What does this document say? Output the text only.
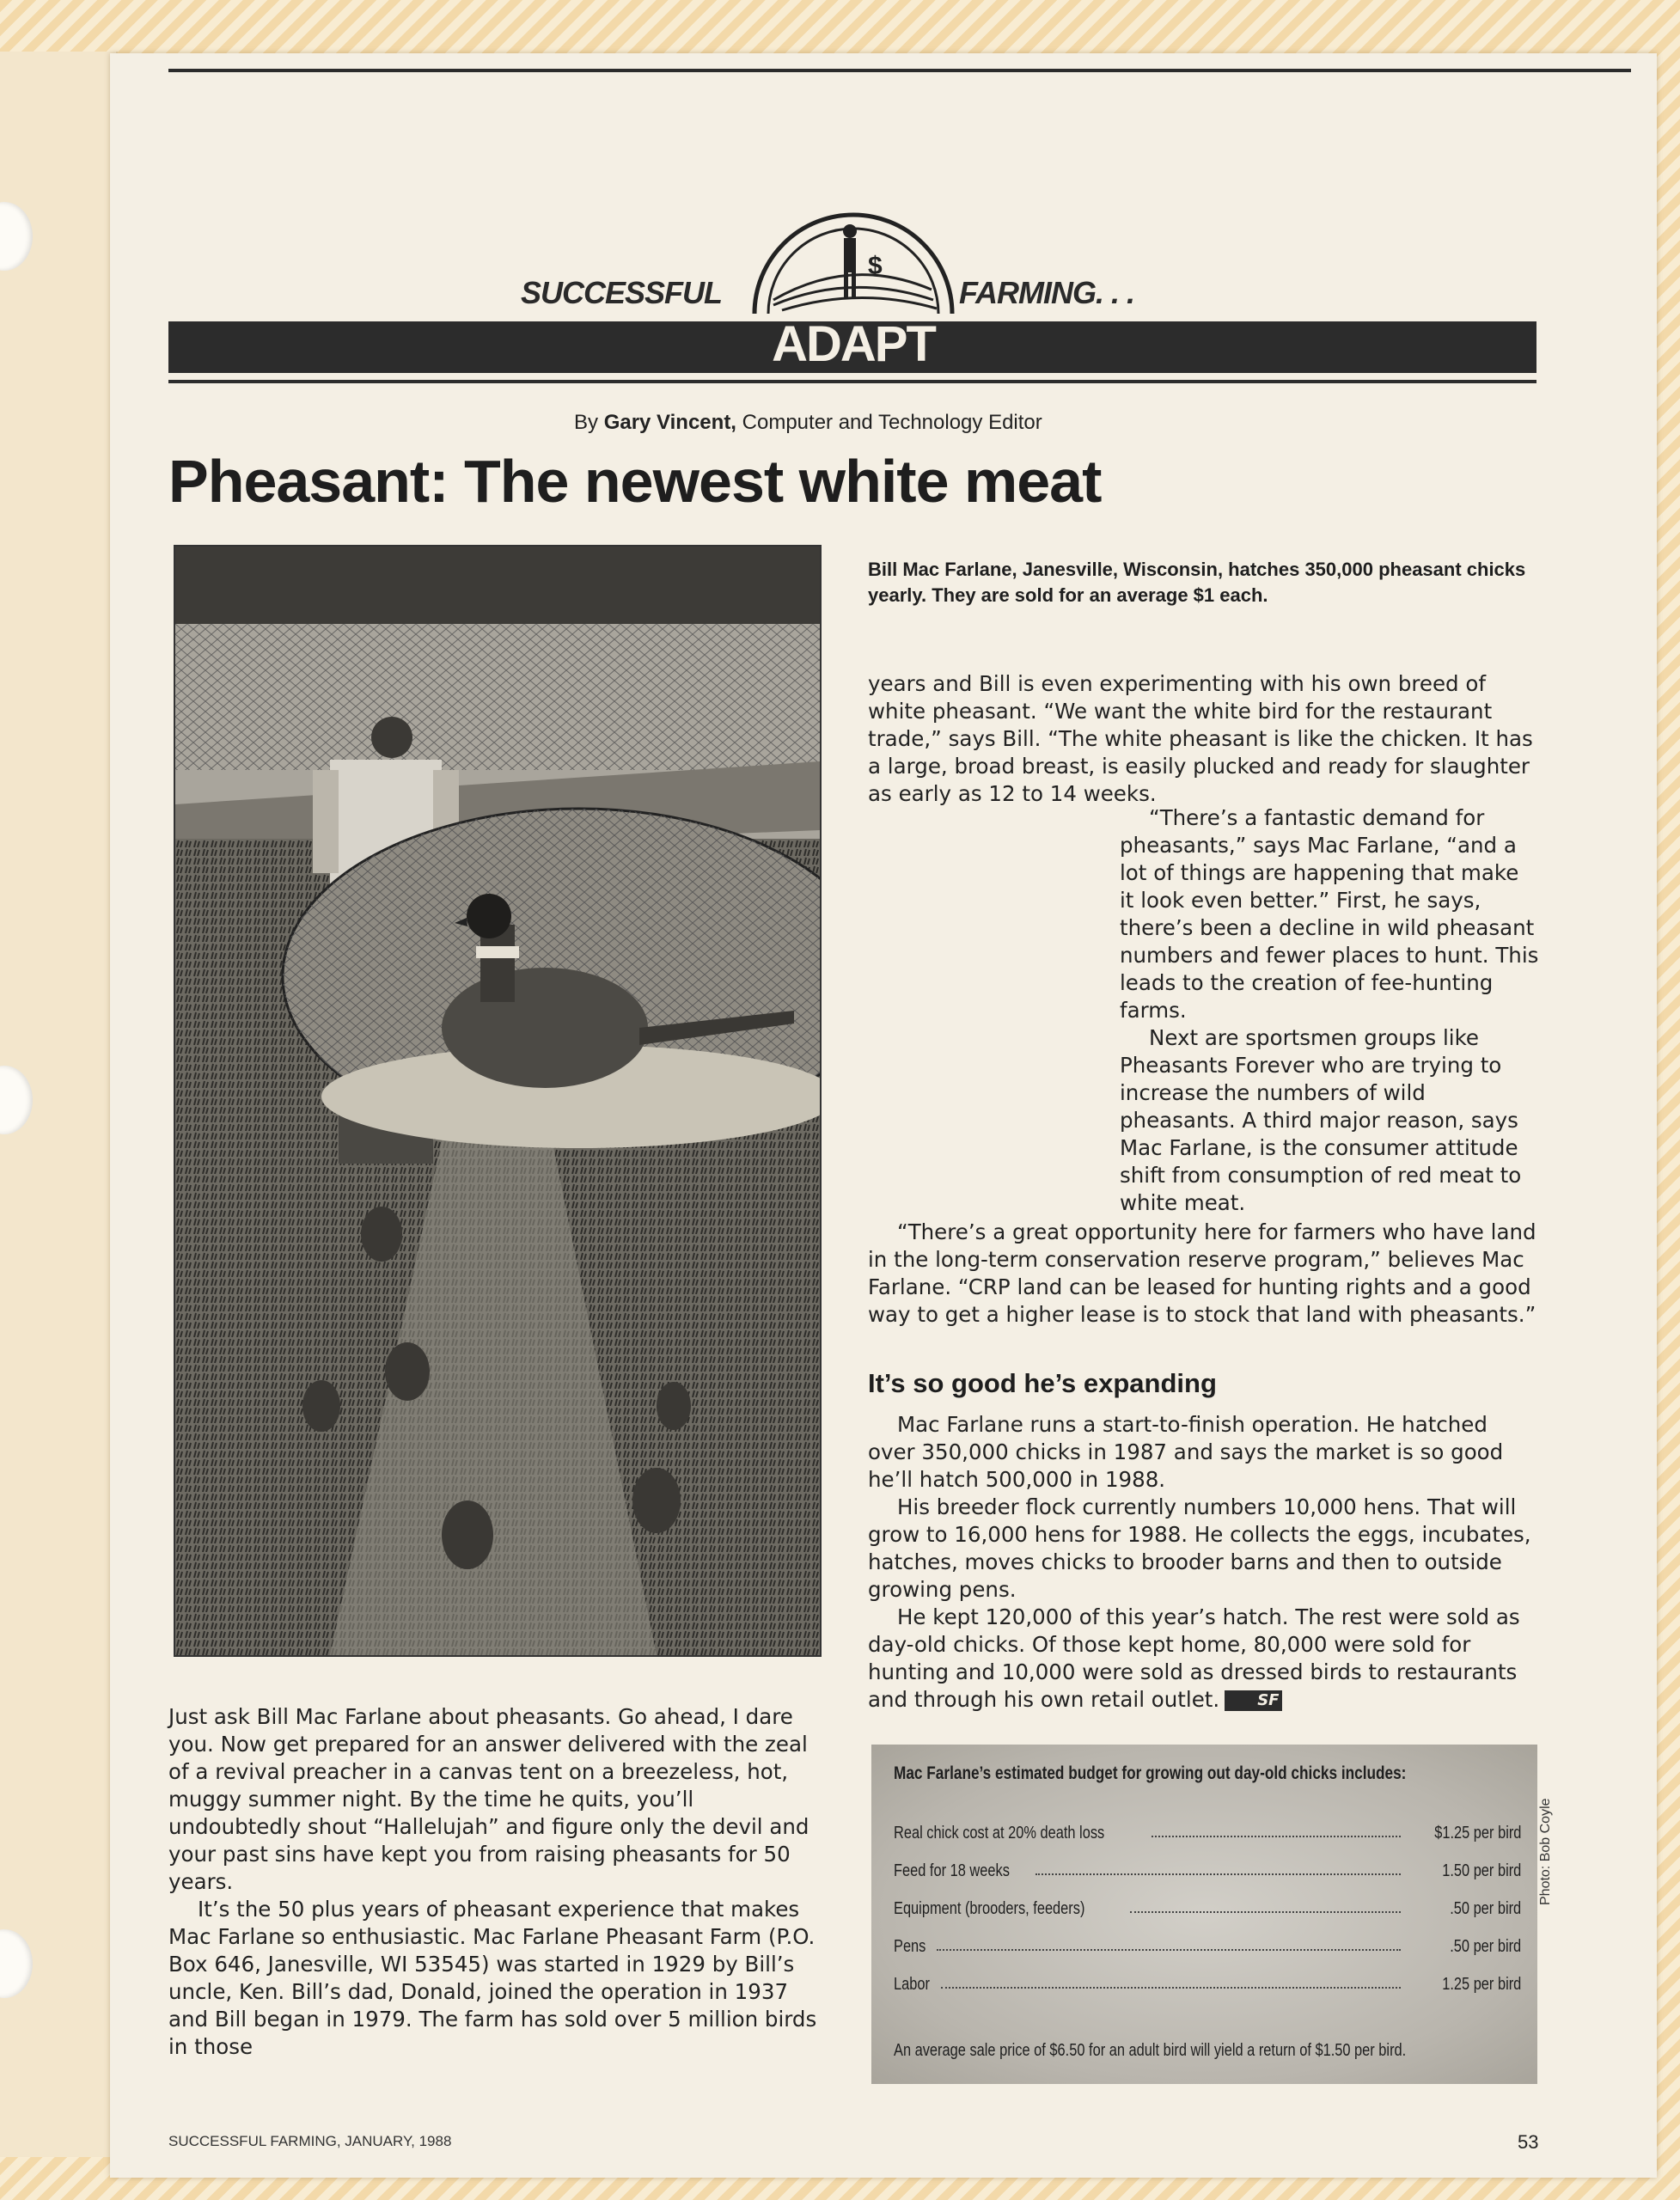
SUCCESSFUL
$
FARMING. . .
ADAPT
By Gary Vincent, Computer and Technology Editor
Pheasant: The newest white meat
Bill Mac Farlane, Janesville, Wisconsin, hatches 350,000 pheasant chicks yearly. They are sold for an average $1 each.

years and Bill is even experimenting with his own breed of white pheasant. “We want the white bird for the restaurant trade,” says Bill. “The white pheasant is like the chicken. It has a large, broad breast, is easily plucked and ready for slaughter as early as 12 to 14 weeks.

“There’s a fantastic demand for pheasants,” says Mac Farlane, “and a lot of things are happening that make it look even better.” First, he says, there’s been a decline in wild pheasant numbers and fewer places to hunt. This leads to the creation of fee-hunting farms.

Next are sportsmen groups like Pheasants Forever who are trying to increase the numbers of wild pheasants. A third major reason, says Mac Farlane, is the consumer attitude shift from consumption of red meat to white meat.

“There’s a great opportunity here for farmers who have land in the long-term conservation reserve program,” believes Mac Farlane. “CRP land can be leased for hunting rights and a good way to get a higher lease is to stock that land with pheasants.”

It’s so good he’s expanding

Mac Farlane runs a start-to-finish operation. He hatched over 350,000 chicks in 1987 and says the market is so good he’ll hatch 500,000 in 1988.

His breeder flock currently numbers 10,000 hens. That will grow to 16,000 hens for 1988. He collects the eggs, incubates, hatches, moves chicks to brooder barns and then to outside growing pens.

He kept 120,000 of this year’s hatch. The rest were sold as day-old chicks. Of those kept home, 80,000 were sold for hunting and 10,000 were sold as dressed birds to restaurants and through his own retail outlet. SF

Just ask Bill Mac Farlane about pheasants. Go ahead, I dare you. Now get prepared for an answer delivered with the zeal of a revival preacher in a canvas tent on a breezeless, hot, muggy summer night. By the time he quits, you’ll undoubtedly shout “Hallelujah” and figure only the devil and your past sins have kept you from raising pheasants for 50 years.

It’s the 50 plus years of pheasant experience that makes Mac Farlane so enthusiastic. Mac Farlane Pheasant Farm (P.O. Box 646, Janesville, WI 53545) was started in 1929 by Bill’s uncle, Ken. Bill’s dad, Donald, joined the operation in 1937 and Bill began in 1979. The farm has sold over 5 million birds in those

Mac Farlane’s estimated budget for growing out day-old chicks includes:
Real chick cost at 20% death loss	$1.25 per bird
Feed for 18 weeks	1.50 per bird
Equipment (brooders, feeders)	.50 per bird
Pens	.50 per bird
Labor	1.25 per bird
An average sale price of $6.50 for an adult bird will yield a return of $1.50 per bird.
Photo: Bob Coyle
SUCCESSFUL FARMING, JANUARY, 1988	53
